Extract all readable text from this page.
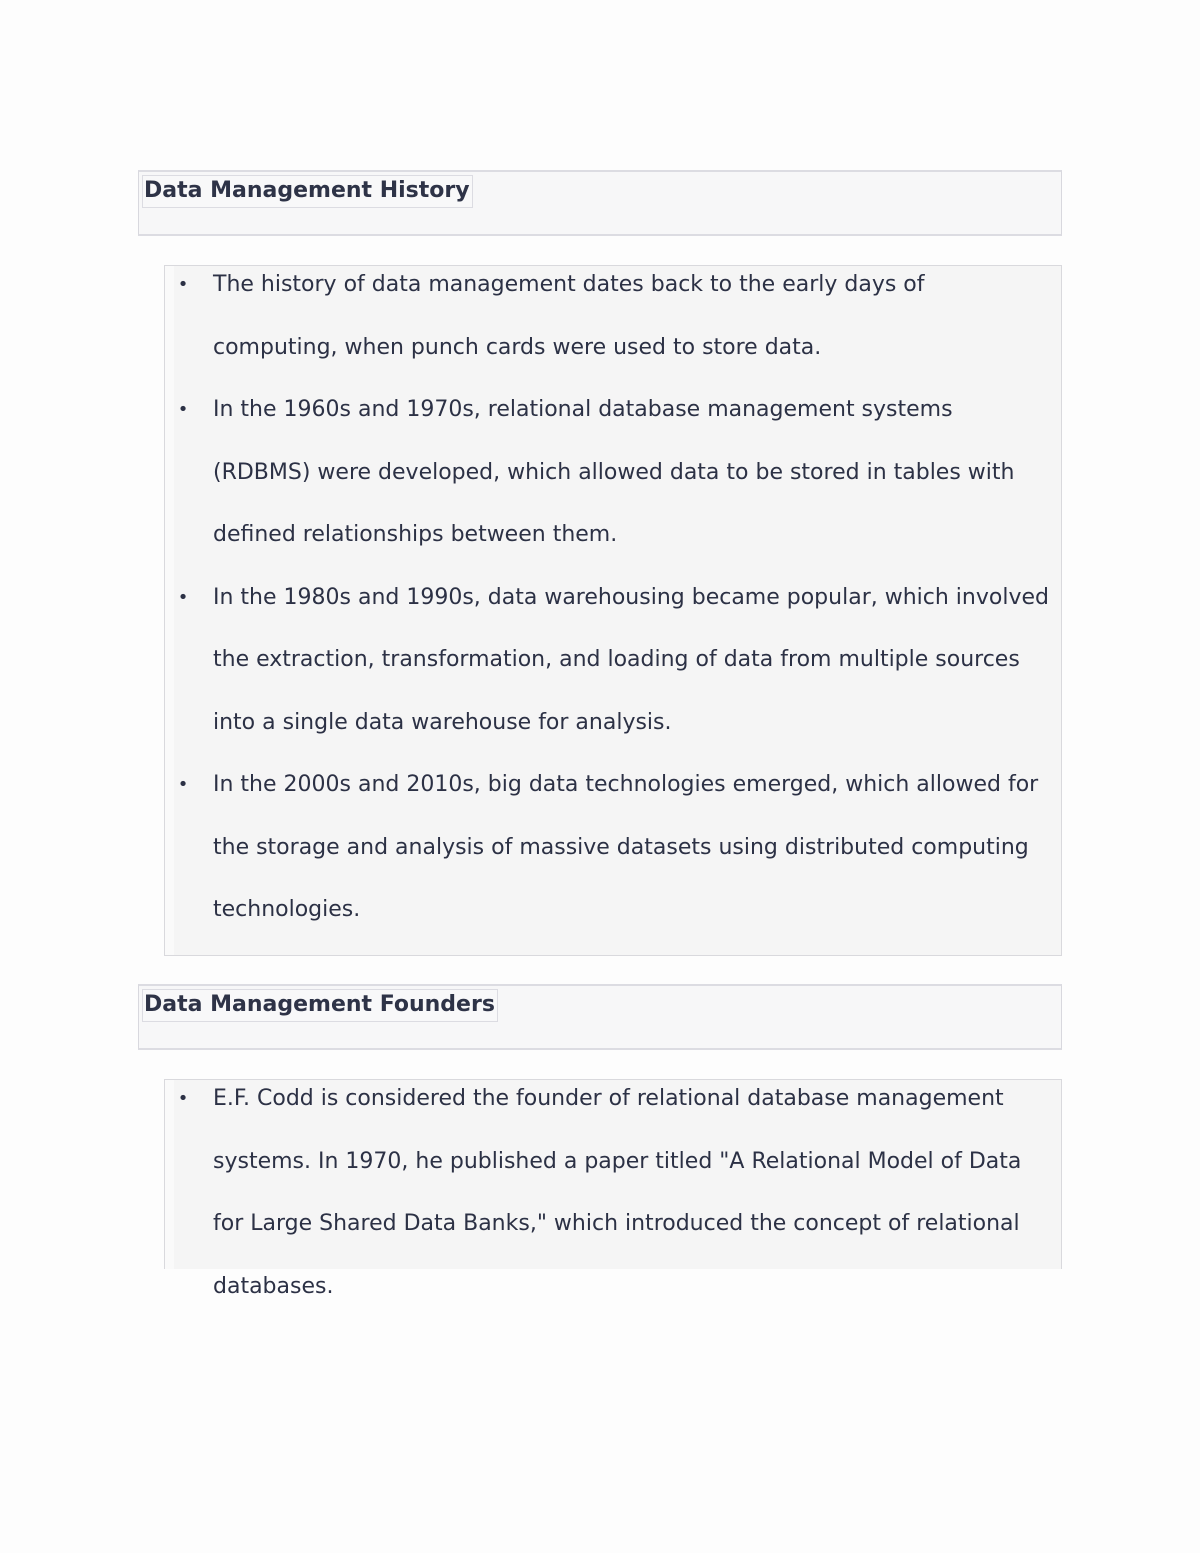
Data Management History
• The history of data management dates back to the early days of computing, when punch cards were used to store data.
• In the 1960s and 1970s, relational database management systems (RDBMS) were developed, which allowed data to be stored in tables with defined relationships between them.
• In the 1980s and 1990s, data warehousing became popular, which involved the extraction, transformation, and loading of data from multiple sources into a single data warehouse for analysis.
• In the 2000s and 2010s, big data technologies emerged, which allowed for the storage and analysis of massive datasets using distributed computing technologies.
Data Management Founders
• E.F. Codd is considered the founder of relational database management systems. In 1970, he published a paper titled "A Relational Model of Data for Large Shared Data Banks," which introduced the concept of relational databases.
